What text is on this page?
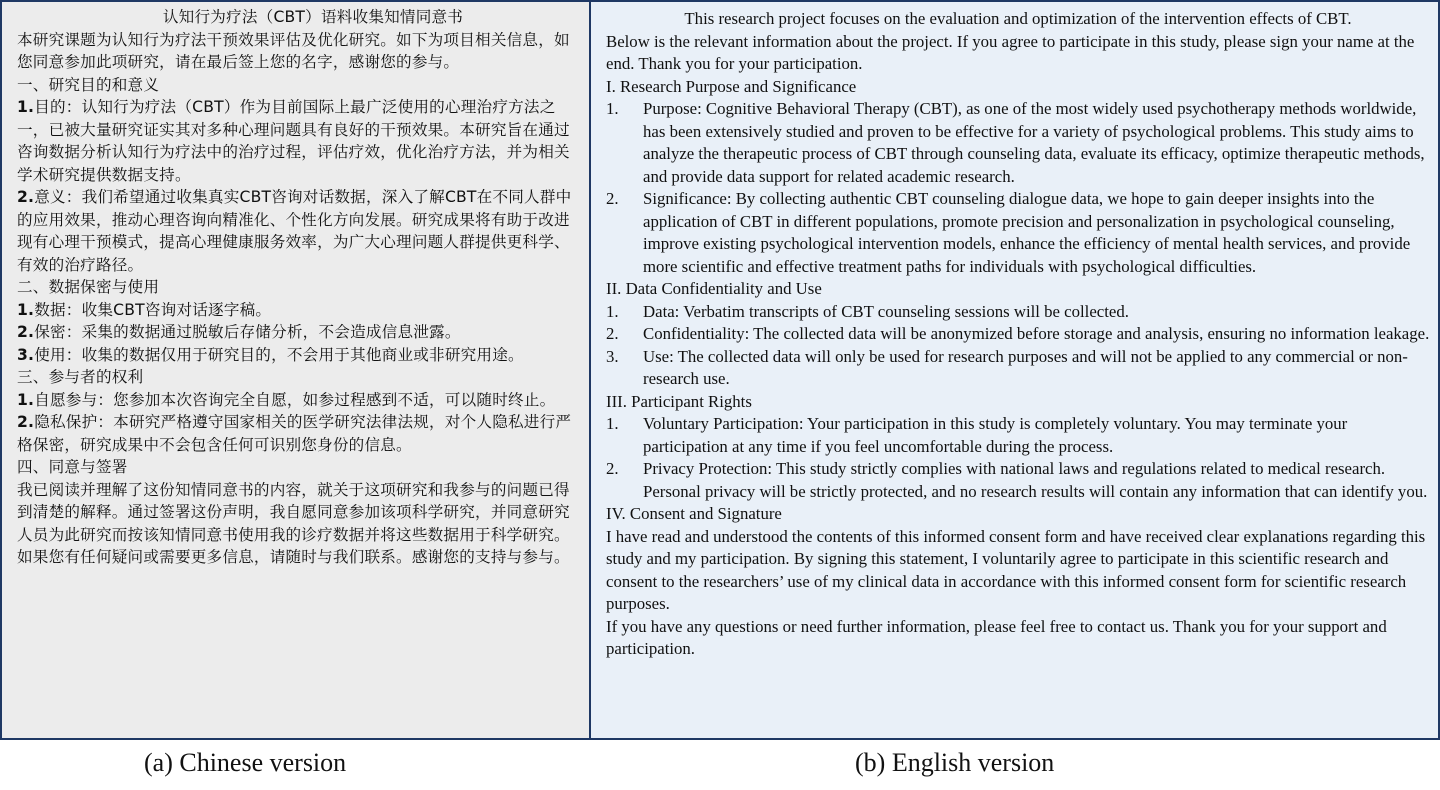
认知行为疗法（CBT）语料收集知情同意书

本研究课题为认知行为疗法干预效果评估及优化研究。如下为项目相关信息，如您同意参加此项研究，请在最后签上您的名字，感谢您的参与。

一、研究目的和意义

1.目的：认知行为疗法（CBT）作为目前国际上最广泛使用的心理治疗方法之一，已被大量研究证实其对多种心理问题具有良好的干预效果。本研究旨在通过咨询数据分析认知行为疗法中的治疗过程，评估疗效，优化治疗方法，并为相关学术研究提供数据支持。

2.意义：我们希望通过收集真实CBT咨询对话数据，深入了解CBT在不同人群中的应用效果，推动心理咨询向精准化、个性化方向发展。研究成果将有助于改进现有心理干预模式，提高心理健康服务效率，为广大心理问题人群提供更科学、有效的治疗路径。

二、数据保密与使用

1.数据：收集CBT咨询对话逐字稿。

2.保密：采集的数据通过脱敏后存储分析，不会造成信息泄露。

3.使用：收集的数据仅用于研究目的，不会用于其他商业或非研究用途。

三、参与者的权利

1.自愿参与：您参加本次咨询完全自愿，如参过程感到不适，可以随时终止。

2.隐私保护：本研究严格遵守国家相关的医学研究法律法规，对个人隐私进行严格保密，研究成果中不会包含任何可识别您身份的信息。

四、同意与签署

我已阅读并理解了这份知情同意书的内容，就关于这项研究和我参与的问题已得到清楚的解释。通过签署这份声明，我自愿同意参加该项科学研究，并同意研究人员为此研究而按该知情同意书使用我的诊疗数据并将这些数据用于科学研究。

如果您有任何疑问或需要更多信息，请随时与我们联系。感谢您的支持与参与。

This research project focuses on the evaluation and optimization of the intervention effects of CBT.

Below is the relevant information about the project. If you agree to participate in this study, please sign your name at the end. Thank you for your participation.

I. Research Purpose and Significance

1.	Purpose: Cognitive Behavioral Therapy (CBT), as one of the most widely used psychotherapy methods worldwide, has been extensively studied and proven to be effective for a variety of psychological problems. This study aims to analyze the therapeutic process of CBT through counseling data, evaluate its efficacy, optimize therapeutic methods, and provide data support for related academic research.
2.	Significance: By collecting authentic CBT counseling dialogue data, we hope to gain deeper insights into the application of CBT in different populations, promote precision and personalization in psychological counseling, improve existing psychological intervention models, enhance the efficiency of mental health services, and provide more scientific and effective treatment paths for individuals with psychological difficulties.

II. Data Confidentiality and Use

1.	Data: Verbatim transcripts of CBT counseling sessions will be collected.
2.	Confidentiality: The collected data will be anonymized before storage and analysis, ensuring no information leakage.
3.	Use: The collected data will only be used for research purposes and will not be applied to any commercial or non-research use.

III. Participant Rights

1.	Voluntary Participation: Your participation in this study is completely voluntary. You may terminate your participation at any time if you feel uncomfortable during the process.
2.	Privacy Protection: This study strictly complies with national laws and regulations related to medical research. Personal privacy will be strictly protected, and no research results will contain any information that can identify you.

IV. Consent and Signature

I have read and understood the contents of this informed consent form and have received clear explanations regarding this study and my participation. By signing this statement, I voluntarily agree to participate in this scientific research and consent to the researchers’ use of my clinical data in accordance with this informed consent form for scientific research purposes.

If you have any questions or need further information, please feel free to contact us. Thank you for your support and participation.

(a) Chinese version	(b) English version
